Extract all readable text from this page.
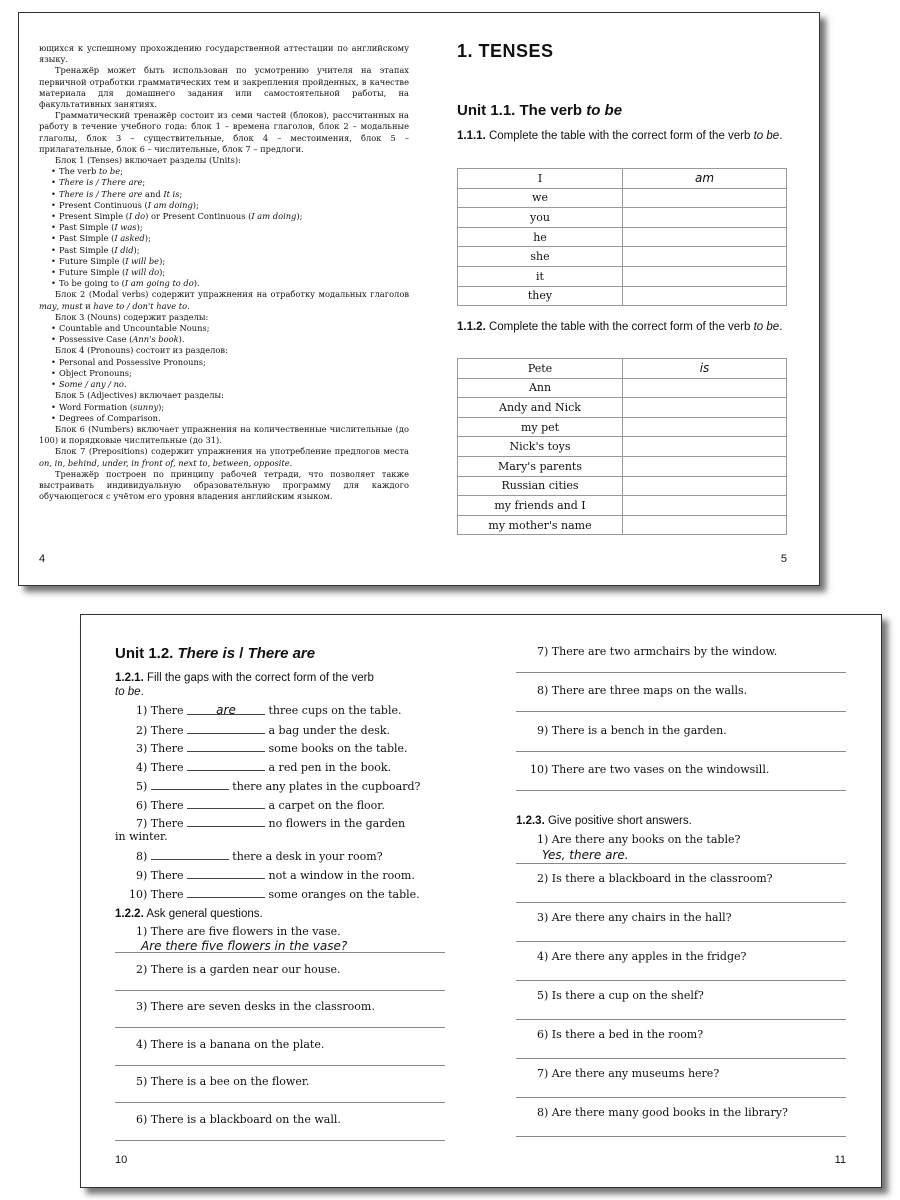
ющихся к успешному прохождению государственной аттестации по английскому языку.

Тренажёр может быть использован по усмотрению учителя на этапах первичной отработки грамматических тем и закрепления пройденных, в качестве материала для домашнего задания или самостоятельной работы, на факультативных занятиях.

Грамматический тренажёр состоит из семи частей (блоков), рассчитанных на работу в течение учебного года: блок 1 – времена глаголов, блок 2 – модальные глаголы, блок 3 – существительные, блок 4 – местоимения, блок 5 – прилагательные, блок 6 – числительные, блок 7 – предлоги.

Блок 1 (Tenses) включает разделы (Units):

• The verb to be;
• There is / There are;
• There is / There are and It is;
• Present Continuous (I am doing);
• Present Simple (I do) or Present Continuous (I am doing);
• Past Simple (I was);
• Past Simple (I asked);
• Past Simple (I did);
• Future Simple (I will be);
• Future Simple (I will do);
• To be going to (I am going to do).

Блок 2 (Modal verbs) содержит упражнения на отработку модальных глаголов may, must и have to / don't have to.

Блок 3 (Nouns) содержит разделы:

• Countable and Uncountable Nouns;
• Possessive Case (Ann's book).

Блок 4 (Pronouns) состоит из разделов:

• Personal and Possessive Pronouns;
• Object Pronouns;
• Some / any / no.

Блок 5 (Adjectives) включает разделы:

• Word Formation (sunny);
• Degrees of Comparison.

Блок 6 (Numbers) включает упражнения на количественные числительные (до 100) и порядковые числительные (до 31).

Блок 7 (Prepositions) содержит упражнения на употребление предлогов места on, in, behind, under, in front of, next to, between, opposite.

Тренажёр построен по принципу рабочей тетради, что позволяет также выстраивать индивидуальную образовательную программу для каждого обучающегося с учётом его уровня владения английским языком.

4
1. TENSES
Unit 1.1. The verb to be
1.1.1. Complete the table with the correct form of the verb to be.
I	am
we	
you	
he	
she	
it	
they	
1.1.2. Complete the table with the correct form of the verb to be.
Pete	is
Ann	
Andy and Nick	
my pet	
Nick's toys	
Mary's parents	
Russian cities	
my friends and I	
my mother's name	
5
Unit 1.2. There is / There are
1.2.1. Fill the gaps with the correct form of the verb
to be.
1) There	are	three cups on the table.
2) There	a bag under the desk.
3) There	some books on the table.
4) There	a red pen in the book.
5)	there any plates in the cupboard?
6) There	a carpet on the floor.
7) There	no flowers in the garden
in winter.
8)	there a desk in your room?
9) There	not a window in the room.
10) There	some oranges on the table.
1.2.2. Ask general questions.
1) There are five flowers in the vase.
Are there five flowers in the vase?
2) There is a garden near our house.
3) There are seven desks in the classroom.
4) There is a banana on the plate.
5) There is a bee on the flower.
6) There is a blackboard on the wall.
10
7) There are two armchairs by the window.
8) There are three maps on the walls.
9) There is a bench in the garden.
10) There are two vases on the windowsill.
1.2.3. Give positive short answers.
1) Are there any books on the table?
Yes, there are.
2) Is there a blackboard in the classroom?
3) Are there any chairs in the hall?
4) Are there any apples in the fridge?
5) Is there a cup on the shelf?
6) Is there a bed in the room?
7) Are there any museums here?
8) Are there many good books in the library?
11
